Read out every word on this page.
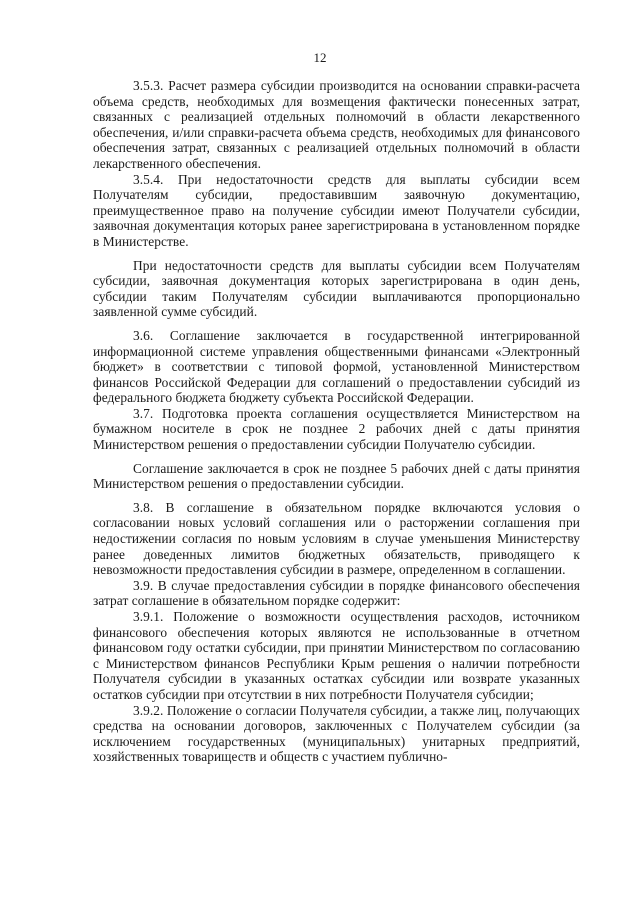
12

3.5.3. Расчет размера субсидии производится на основании справки-расчета объема средств, необходимых для возмещения фактически понесенных затрат, связанных с реализацией отдельных полномочий в области лекарственного обеспечения, и/или справки-расчета объема средств, необходимых для финансового обеспечения затрат, связанных с реализацией отдельных полномочий в области лекарственного обеспечения.

3.5.4. При недостаточности средств для выплаты субсидии всем Получателям субсидии, предоставившим заявочную документацию, преимущественное право на получение субсидии имеют Получатели субсидии, заявочная документация которых ранее зарегистрирована в установленном порядке в Министерстве.

При недостаточности средств для выплаты субсидии всем Получателям субсидии, заявочная документация которых зарегистрирована в один день, субсидии таким Получателям субсидии выплачиваются пропорционально заявленной сумме субсидий.

3.6. Соглашение заключается в государственной интегрированной информационной системе управления общественными финансами «Электронный бюджет» в соответствии с типовой формой, установленной Министерством финансов Российской Федерации для соглашений о предоставлении субсидий из федерального бюджета бюджету субъекта Российской Федерации.

3.7. Подготовка проекта соглашения осуществляется Министерством на бумажном носителе в срок не позднее 2 рабочих дней с даты принятия Министерством решения о предоставлении субсидии Получателю субсидии.

Соглашение заключается в срок не позднее 5 рабочих дней с даты принятия Министерством решения о предоставлении субсидии.

3.8. В соглашение в обязательном порядке включаются условия о согласовании новых условий соглашения или о расторжении соглашения при недостижении согласия по новым условиям в случае уменьшения Министерству ранее доведенных лимитов бюджетных обязательств, приводящего к невозможности предоставления субсидии в размере, определенном в соглашении.

3.9. В случае предоставления субсидии в порядке финансового обеспечения затрат соглашение в обязательном порядке содержит:

3.9.1. Положение о возможности осуществления расходов, источником финансового обеспечения которых являются не использованные в отчетном финансовом году остатки субсидии, при принятии Министерством по согласованию с Министерством финансов Республики Крым решения о наличии потребности Получателя субсидии в указанных остатках субсидии или возврате указанных остатков субсидии при отсутствии в них потребности Получателя субсидии;

3.9.2. Положение о согласии Получателя субсидии, а также лиц, получающих средства на основании договоров, заключенных с Получателем субсидии (за исключением государственных (муниципальных) унитарных предприятий, хозяйственных товариществ и обществ с участием публично-
